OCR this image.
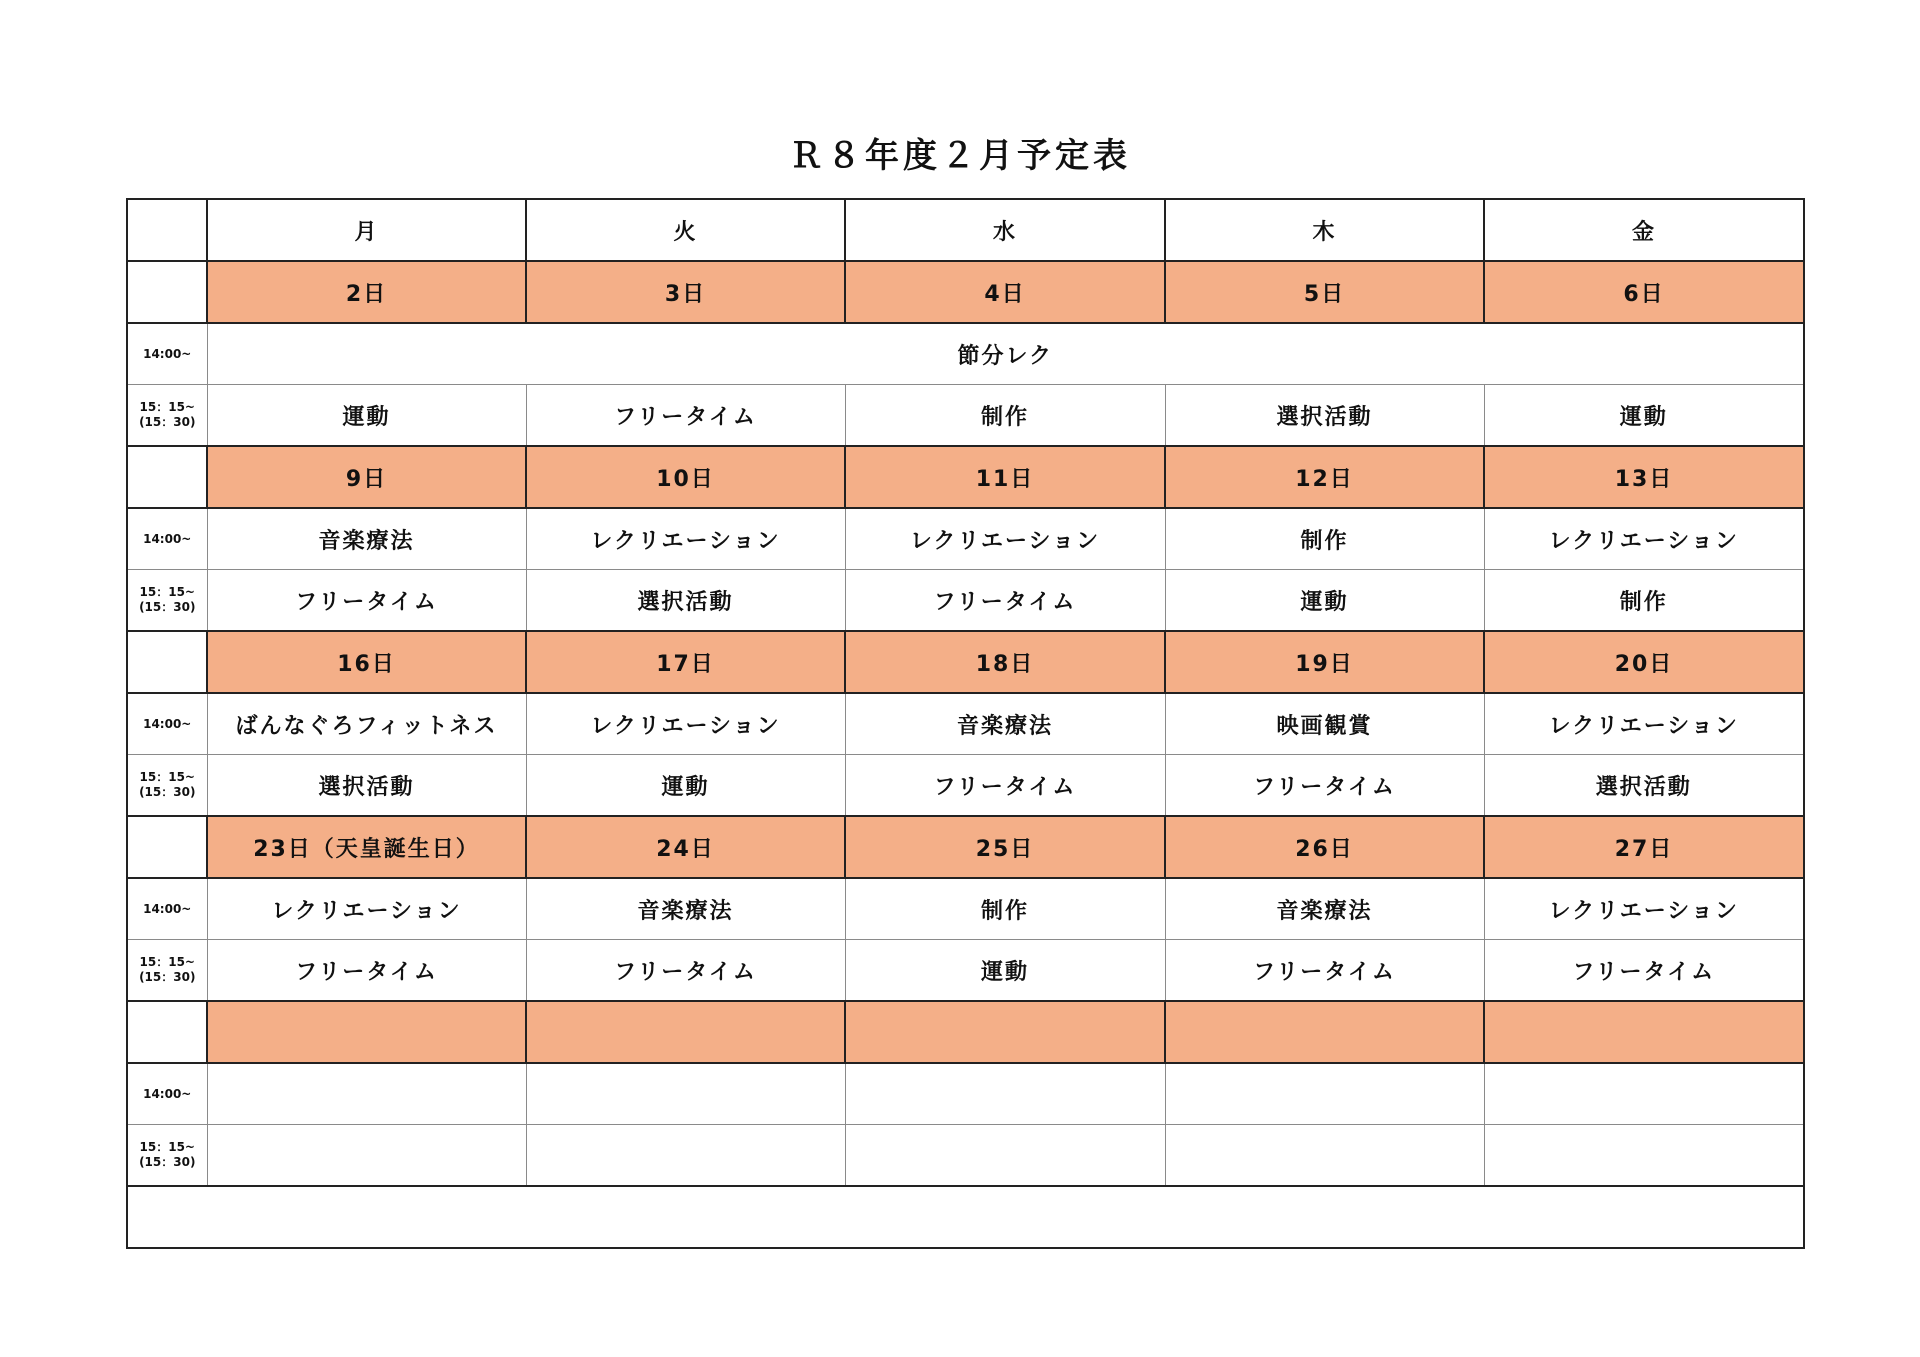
Ｒ８年度２月予定表
	月	火	水	木	金
	2日	3日	4日	5日	6日
14:00~	節分レク				

15：15~
(15：30)	運動	フリータイム	制作	選択活動	運動
	9日	10日	11日	12日	13日
14:00~	音楽療法	レクリエーション	レクリエーション	制作	レクリエーション

15：15~
(15：30)	フリータイム	選択活動	フリータイム	運動	制作
	16日	17日	18日	19日	20日
14:00~	ばんなぐろフィットネス	レクリエーション	音楽療法	映画観賞	レクリエーション

15：15~
(15：30)	選択活動	運動	フリータイム	フリータイム	選択活動
	23日（天皇誕生日）	24日	25日	26日	27日
14:00~	レクリエーション	音楽療法	制作	音楽療法	レクリエーション

15：15~
(15：30)	フリータイム	フリータイム	運動	フリータイム	フリータイム

14:00~					

15：15~
(15：30)					
